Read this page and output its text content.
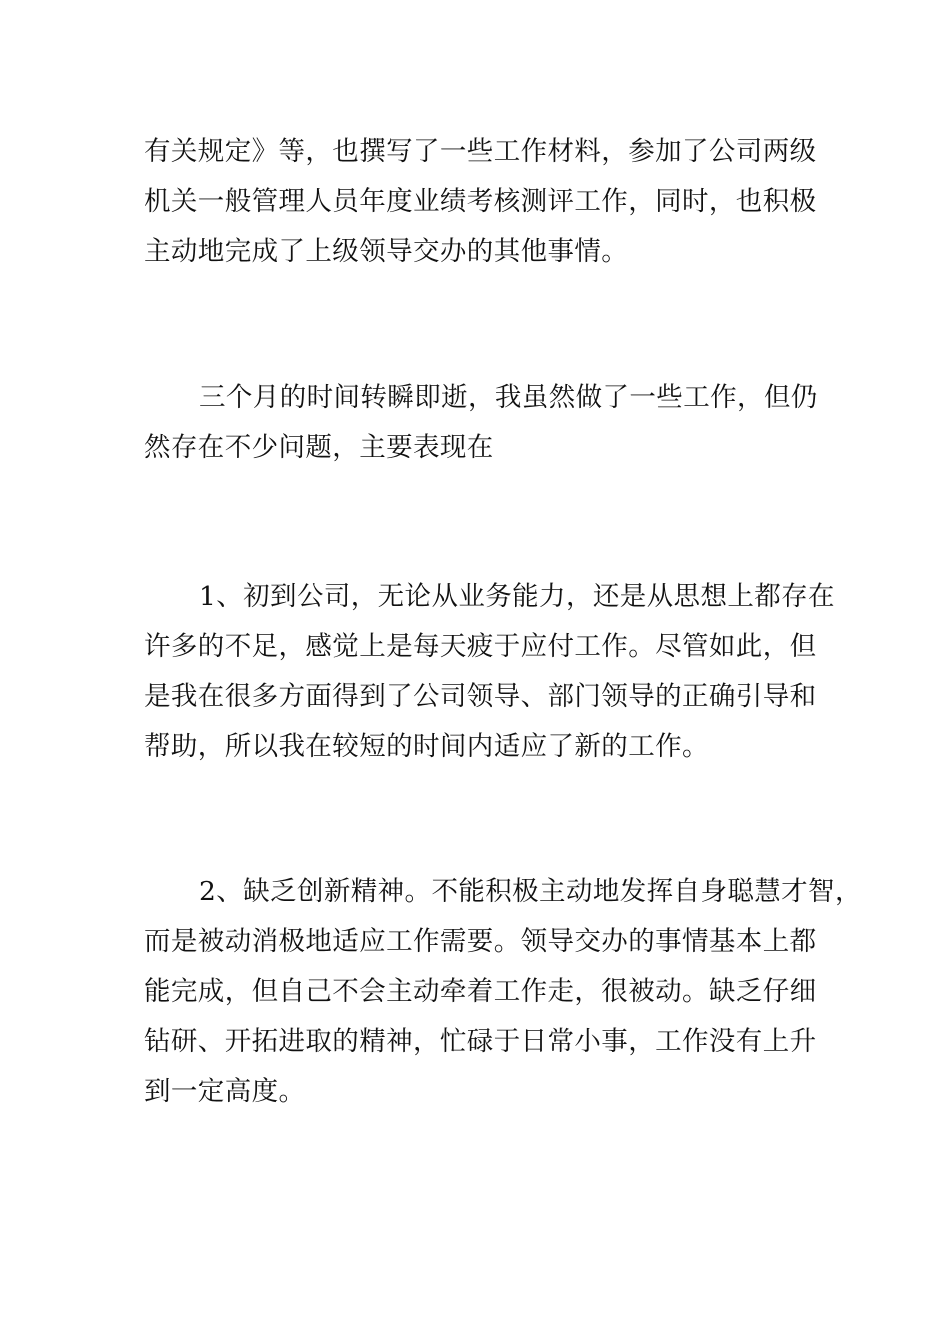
有关规定》等，也撰写了一些工作材料，参加了公司两级
机关一般管理人员年度业绩考核测评工作，同时，也积极
主动地完成了上级领导交办的其他事情。
三个月的时间转瞬即逝，我虽然做了一些工作，但仍
然存在不少问题，主要表现在
1、初到公司，无论从业务能力，还是从思想上都存在
许多的不足，感觉上是每天疲于应付工作。尽管如此，但
是我在很多方面得到了公司领导、部门领导的正确引导和
帮助，所以我在较短的时间内适应了新的工作。
2、缺乏创新精神。不能积极主动地发挥自身聪慧才智，
而是被动消极地适应工作需要。领导交办的事情基本上都
能完成，但自己不会主动牵着工作走，很被动。缺乏仔细
钻研、开拓进取的精神，忙碌于日常小事，工作没有上升
到一定高度。
